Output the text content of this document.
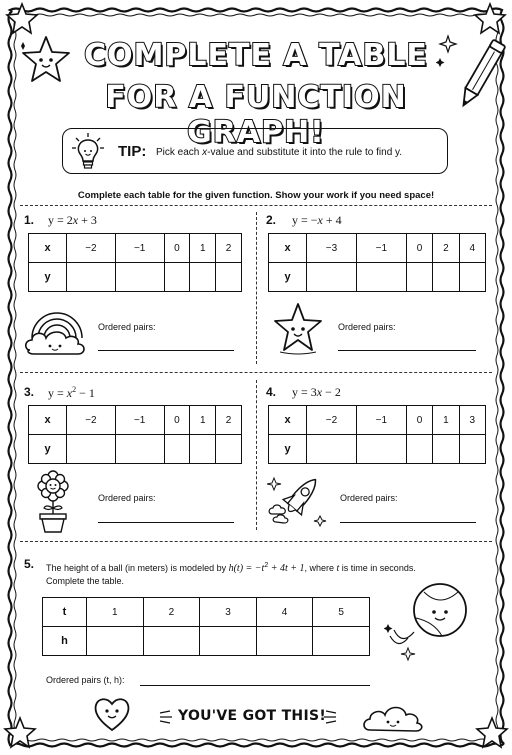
COMPLETE A TABLE
FOR A FUNCTION GRAPH!
TIP: Pick each x-value and substitute it into the rule to find y.
Complete each table for the given function. Show your work if you need space!
1. y = 2x + 3
x	−2	−1	0	1	2
y					
Ordered pairs:
2. y = −x + 4
x	−3	−1	0	2	4
y					
Ordered pairs:
3. $y = x^2 - 1$
x	−2	−1	0	1	2
y					
Ordered pairs:
4. y = 3x − 2
x	−2	−1	0	1	3
y					
Ordered pairs:
5. The height of a ball (in meters) is modeled by $h(t) = -t^2 + 4t + 1$, where t is time in seconds.
Complete the table.
t	1	2	3	4	5
h					
Ordered pairs (t, h):
YOU'VE GOT THIS!
